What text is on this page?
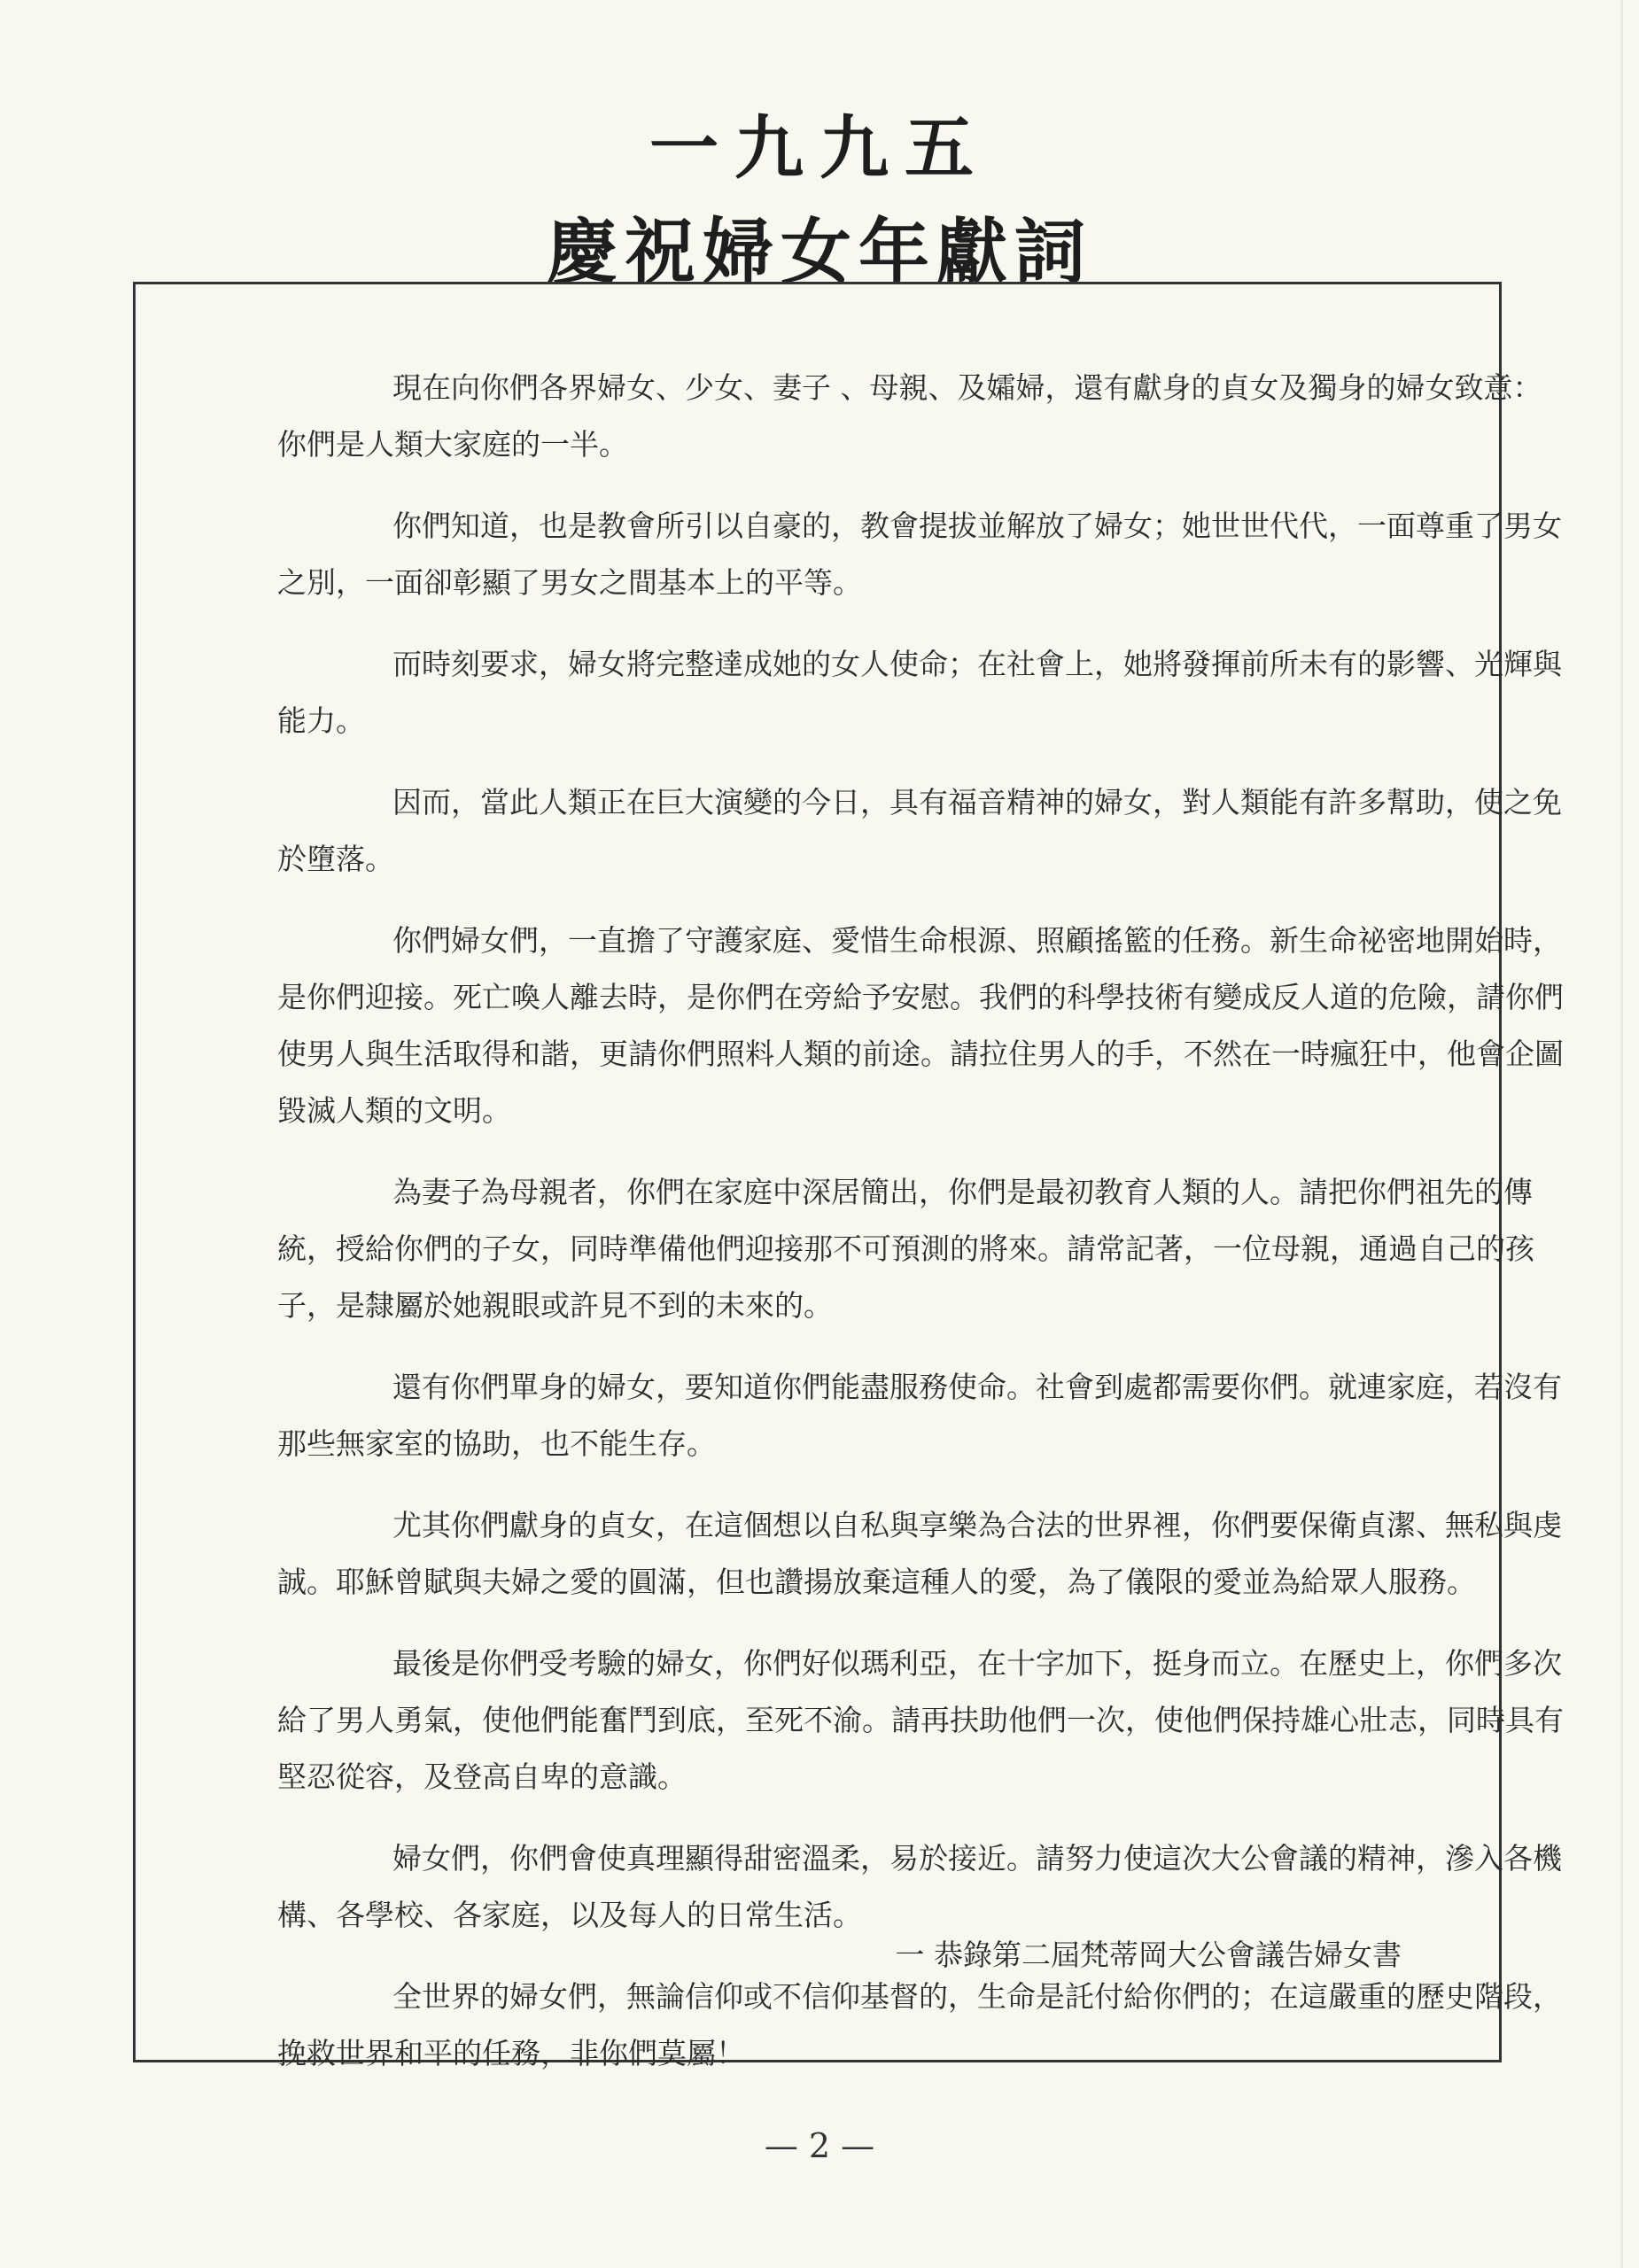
一九九五
慶祝婦女年獻詞

現在向你們各界婦女、少女、妻子 、母親、及孀婦，還有獻身的貞女及獨身的婦女致意：你們是人類大家庭的一半。

你們知道，也是教會所引以自豪的，教會提拔並解放了婦女；她世世代代，一面尊重了男女之別，一面卻彰顯了男女之間基本上的平等。

而時刻要求，婦女將完整達成她的女人使命；在社會上，她將發揮前所未有的影響、光輝與能力。

因而，當此人類正在巨大演變的今日，具有福音精神的婦女，對人類能有許多幫助，使之免於墮落。

你們婦女們，一直擔了守護家庭、愛惜生命根源、照顧搖籃的任務。新生命祕密地開始時，是你們迎接。死亡喚人離去時，是你們在旁給予安慰。我們的科學技術有變成反人道的危險，請你們使男人與生活取得和諧，更請你們照料人類的前途。請拉住男人的手，不然在一時瘋狂中，他會企圖毀滅人類的文明。

為妻子為母親者，你們在家庭中深居簡出，你們是最初教育人類的人。請把你們祖先的傳統，授給你們的子女，同時準備他們迎接那不可預測的將來。請常記著，一位母親，通過自己的孩子，是隸屬於她親眼或許見不到的未來的。

還有你們單身的婦女，要知道你們能盡服務使命。社會到處都需要你們。就連家庭，若沒有那些無家室的協助，也不能生存。

尤其你們獻身的貞女，在這個想以自私與享樂為合法的世界裡，你們要保衛貞潔、無私與虔誠。耶穌曾賦與夫婦之愛的圓滿，但也讚揚放棄這種人的愛，為了儀限的愛並為給眾人服務。

最後是你們受考驗的婦女，你們好似瑪利亞，在十字加下，挺身而立。在歷史上，你們多次給了男人勇氣，使他們能奮鬥到底，至死不渝。請再扶助他們一次，使他們保持雄心壯志，同時具有堅忍從容，及登高自卑的意識。

婦女們，你們會使真理顯得甜密溫柔，易於接近。請努力使這次大公會議的精神，滲入各機構、各學校、各家庭，以及每人的日常生活。

全世界的婦女們，無論信仰或不信仰基督的，生命是託付給你們的；在這嚴重的歷史階段，挽救世界和平的任務，非你們莫屬！

一 恭錄第二屆梵蒂岡大公會議告婦女書
— 2 —
